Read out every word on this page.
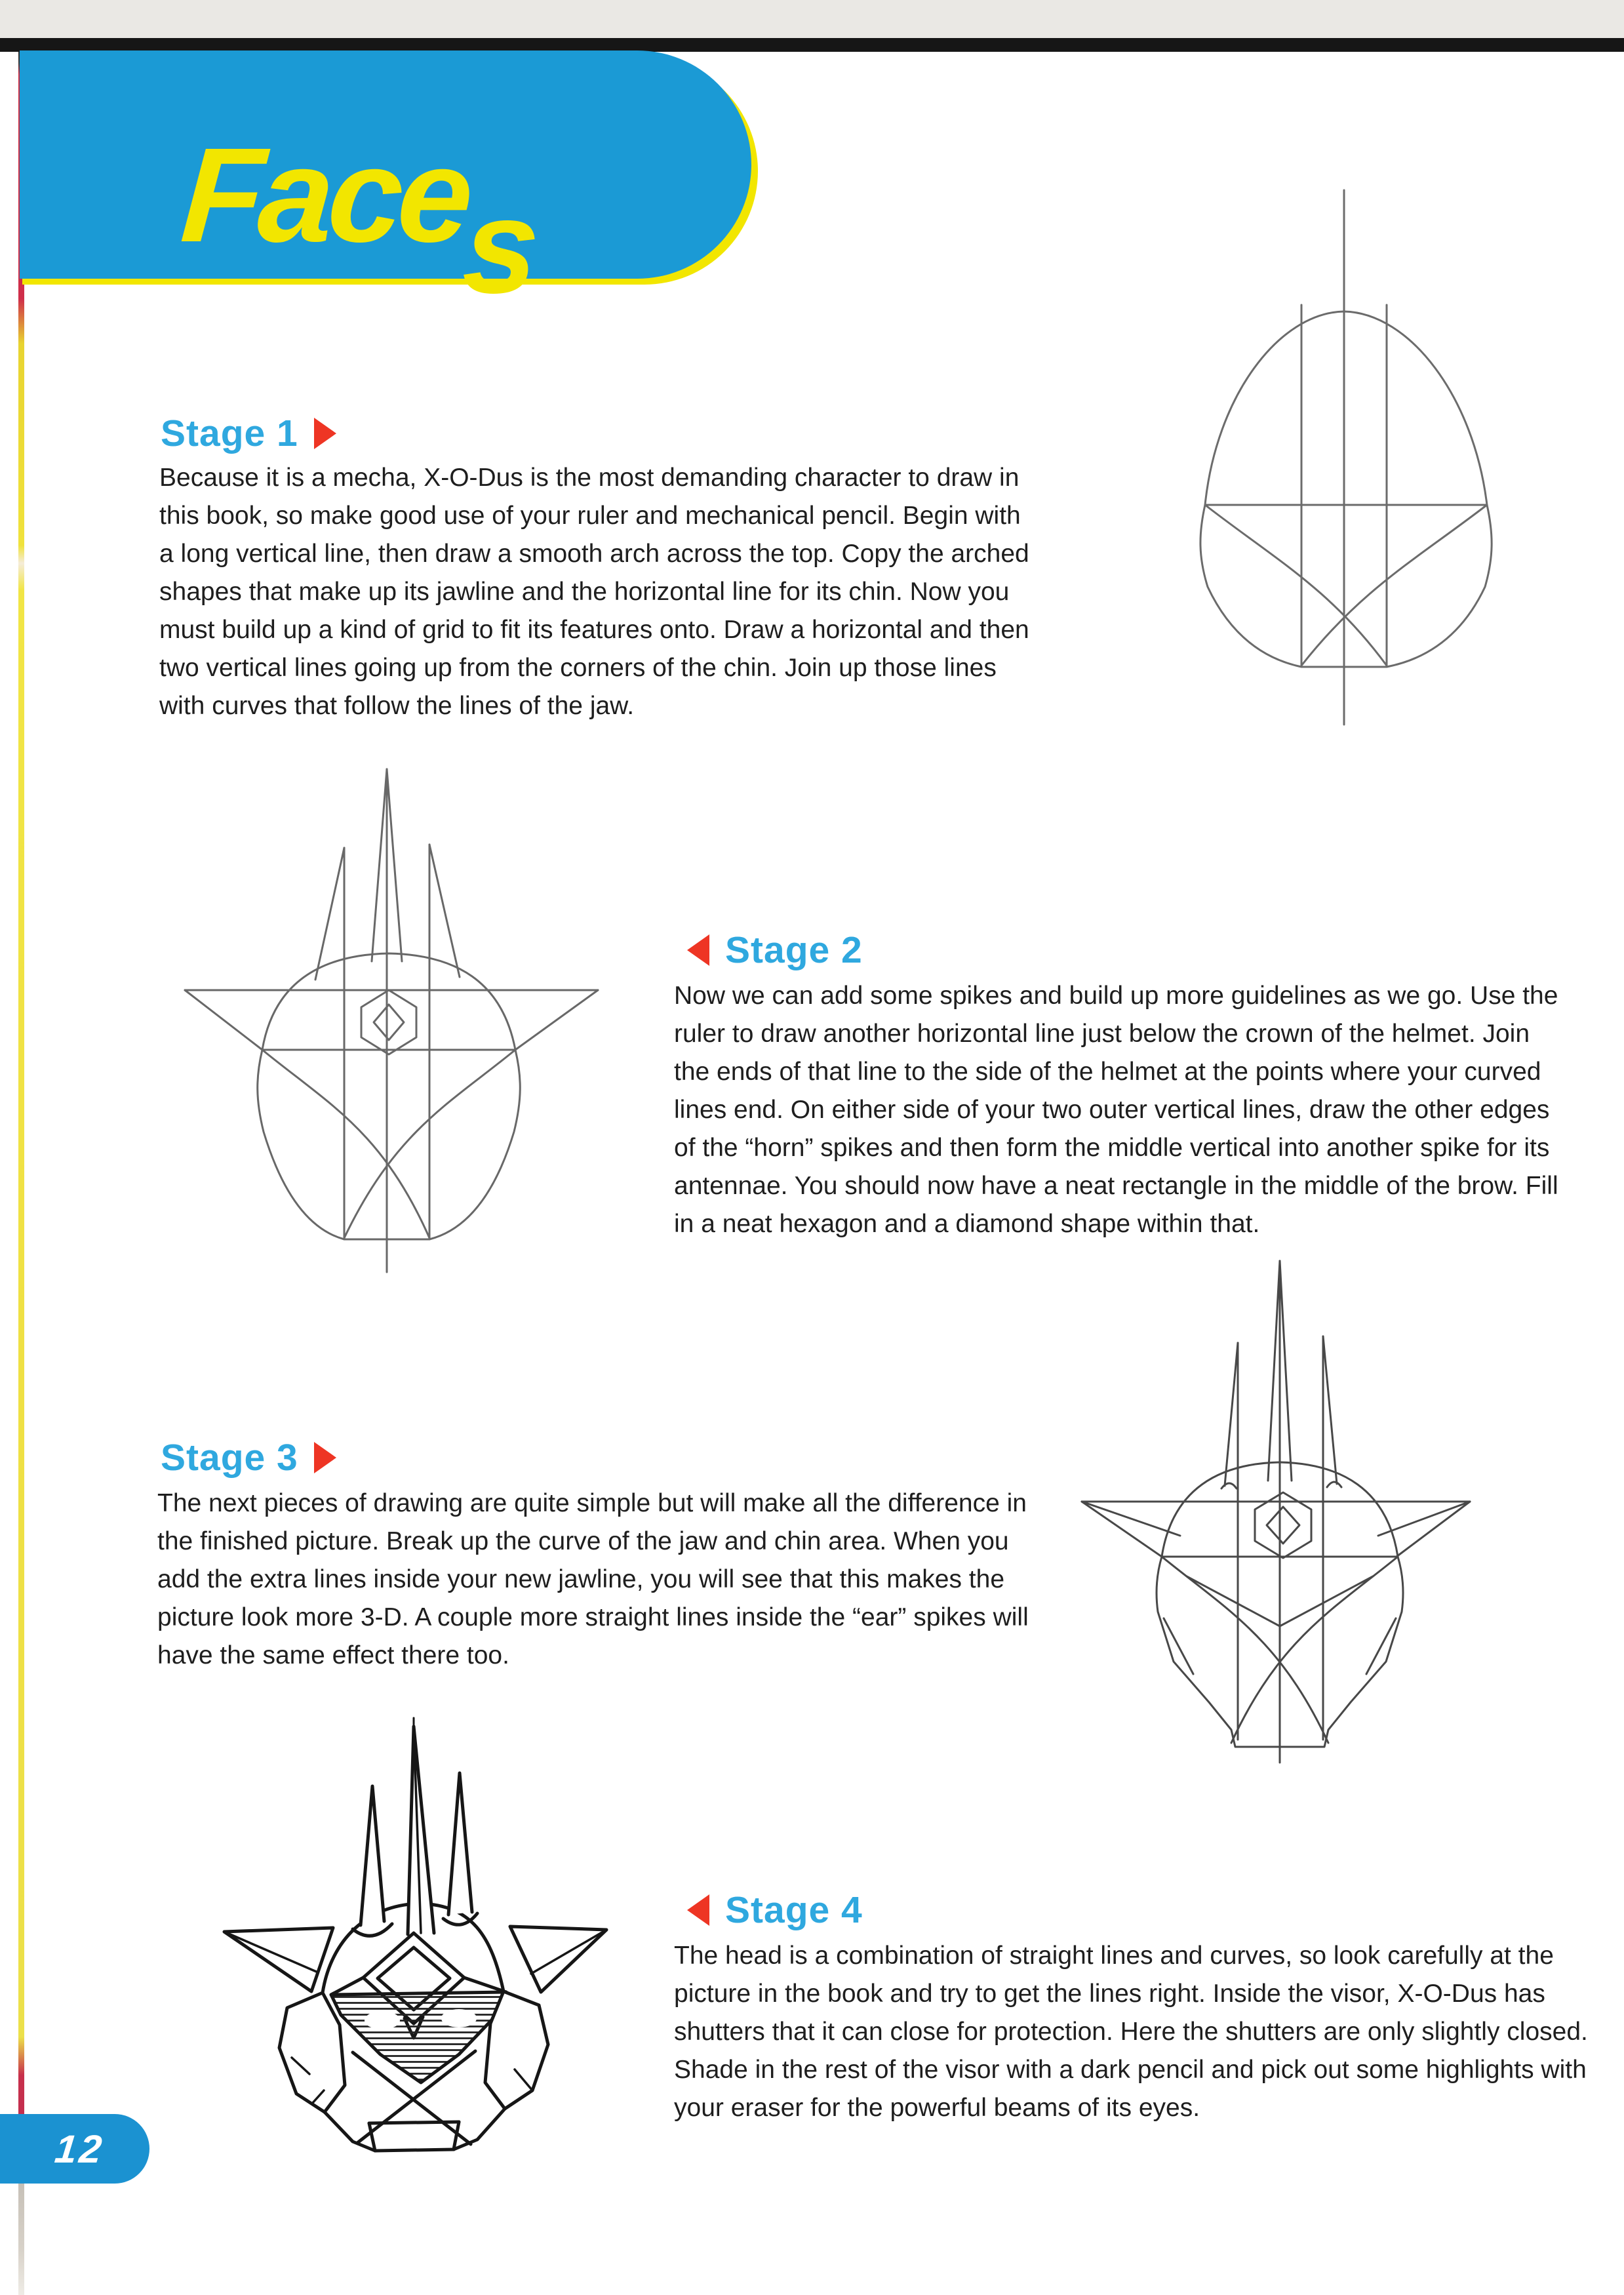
Faces
Stage 1
Because it is a mecha, X-O-Dus is the most demanding character to draw in this book, so make good use of your ruler and mechanical pencil. Begin with a long vertical line, then draw a smooth arch across the top. Copy the arched shapes that make up its jawline and the horizontal line for its chin. Now you must build up a kind of grid to fit its features onto. Draw a horizontal and then two vertical lines going up from the corners of the chin. Join up those lines with curves that follow the lines of the jaw.
Stage 2
Now we can add some spikes and build up more guidelines as we go. Use the ruler to draw another horizontal line just below the crown of the helmet. Join the ends of that line to the side of the helmet at the points where your curved lines end. On either side of your two outer vertical lines, draw the other edges of the “horn” spikes and then form the middle vertical into another spike for its antennae. You should now have a neat rectangle in the middle of the brow. Fill in a neat hexagon and a diamond shape within that.
Stage 3
The next pieces of drawing are quite simple but will make all the difference in the finished picture. Break up the curve of the jaw and chin area. When you add the extra lines inside your new jawline, you will see that this makes the picture look more 3-D. A couple more straight lines inside the “ear” spikes will have the same effect there too.
Stage 4
The head is a combination of straight lines and curves, so look carefully at the picture in the book and try to get the lines right. Inside the visor, X-O-Dus has shutters that it can close for protection. Here the shutters are only slightly closed. Shade in the rest of the visor with a dark pencil and pick out some highlights with your eraser for the powerful beams of its eyes.
12
